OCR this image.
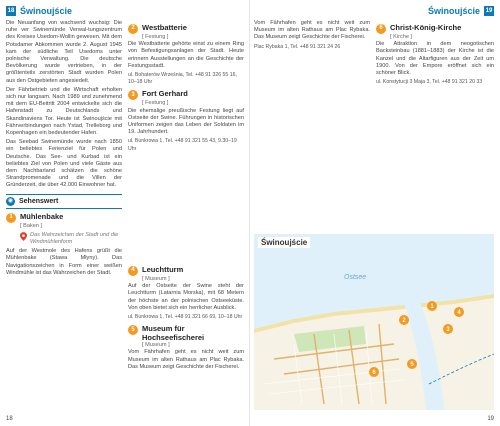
18 Świnoujście	Świnoujście 19

Die Neuanfang von wachsend wuchsig: Die ruhe ver Swinemünde Verwal-tungszentrum des Kreises Usedom-Wollin gewesen. Mit dem Potsdamer Abkommen wurde 2. August 1945 kam der südliche Teil Usedoms unter polnische Verwaltung. Die deutsche Bevölkerung wurde vertrieben, in der größtenteils zerstörten Stadt wurden Polen aus den Ostgebieten angesiedelt.

Der Fährbetrieb und die Wirtschaft erholten sich nur langsam. Nach 1989 und zunehmend mit dem EU-Beitritt 2004 entwickelte sich die Hafenstadt zu Deutschlands und Skandinaviens Tor. Heute ist Świnoujście mit Fährverbindungen nach Ystad, Trelleborg und Kopenhagen ein bedeutender Hafen.

Das Seebad Swinemünde wurde nach 1850 ein beliebtes Ferienziel für Polen und Deutsche. Das See- und Kurbad ist ein beliebtes Ziel von Polen und viele Gäste aus dem Nachbarland schätzen die schöne Strandpromenade und die Villen der Gründerzeit, die über 42.000 Einwohner hat.

◉ Sehenswert
1 Mühlenbake
[ Baken ]
Das Wahrzeichen der Stadt und die Windmühlenform

Auf der Westmole des Hafens grüßt die Mühlenbake (Stawa Młyny). Das Navigationszeichen in Form einer weißen Windmühle ist das Wahrzeichen der Stadt.

2 Westbatterie
[ Festung ]

Die Westbatterie gehörte einst zu einem Ring von Befestigungsanlagen der Stadt. Heute erinnern Ausstellungen an die Geschichte der Festungsstadt.

ul. Bohaterów Września, Tel. +48 91 326 55 16, 10–18 Uhr
3 Fort Gerhard
[ Festung ]

Die ehemalige preußische Festung liegt auf Ostseite der Swine. Führungen in historischen Uniformen zeigen das Leben der Soldaten im 19. Jahrhundert.

ul. Bunkrowa 1, Tel. +48 91 321 55 43, 9.30–19 Uhr
4 Leuchtturm
[ Museum ]

Auf der Ostseite der Swine steht der Leuchtturm (Latarnia Morska), mit 68 Metern der höchste an der polnischen Ostseeküste. Von oben bietet sich ein herrlicher Ausblick.

ul. Bunkrowa 1, Tel. +48 91 321 66 69, 10–18 Uhr
5 Museum für Hochseefischerei
[ Museum ]

Vom Fährhafen geht es nicht weit zum Museum im alten Rathaus am Plac Rybaka. Das Museum zeigt Geschichte der Fischerei.

Vom Fährhafen geht es nicht weit zum Museum im alten Rathaus am Plac Rybaka. Das Museum zeigt Geschichte der Fischerei.

Plac Rybaka 1, Tel. +48 91 321 24 26
6 Christ-König-Kirche
[ Kirche ]

Die Attraktion in dem neogotischen Backsteinbau (1881–1883) der Kirche ist die Kanzel und die Altarfiguren aus der Zeit um 1900. Von der Empore eröffnet sich ein schöner Blick.

ul. Konstytucji 3 Maja 3, Tel. +48 91 321 20 33
1
2
3
4
5
6
Ostsee
Świnoujście
18	19
